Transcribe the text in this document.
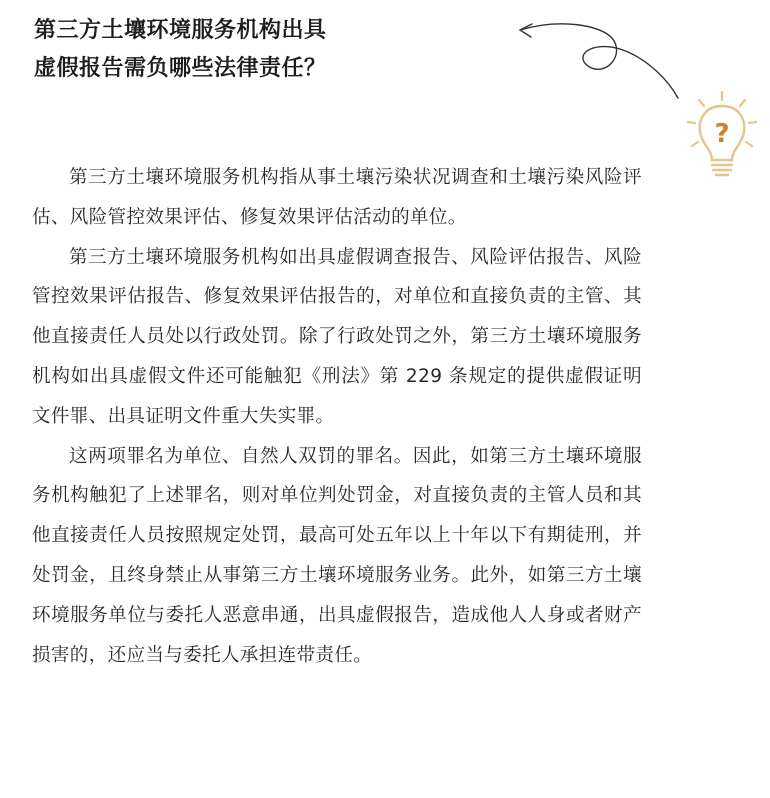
第三方土壤环境服务机构出具
虚假报告需负哪些法律责任？
?

第三方土壤环境服务机构指从事土壤污染状况调查和土壤污染风险评估、风险管控效果评估、修复效果评估活动的单位。

第三方土壤环境服务机构如出具虚假调查报告、风险评估报告、风险管控效果评估报告、修复效果评估报告的，对单位和直接负责的主管、其他直接责任人员处以行政处罚。除了行政处罚之外，第三方土壤环境服务机构如出具虚假文件还可能触犯《刑法》第 229 条规定的提供虚假证明文件罪、出具证明文件重大失实罪。

这两项罪名为单位、自然人双罚的罪名。因此，如第三方土壤环境服务机构触犯了上述罪名，则对单位判处罚金，对直接负责的主管人员和其他直接责任人员按照规定处罚，最高可处五年以上十年以下有期徒刑，并处罚金，且终身禁止从事第三方土壤环境服务业务。此外，如第三方土壤环境服务单位与委托人恶意串通，出具虚假报告，造成他人人身或者财产损害的，还应当与委托人承担连带责任。
